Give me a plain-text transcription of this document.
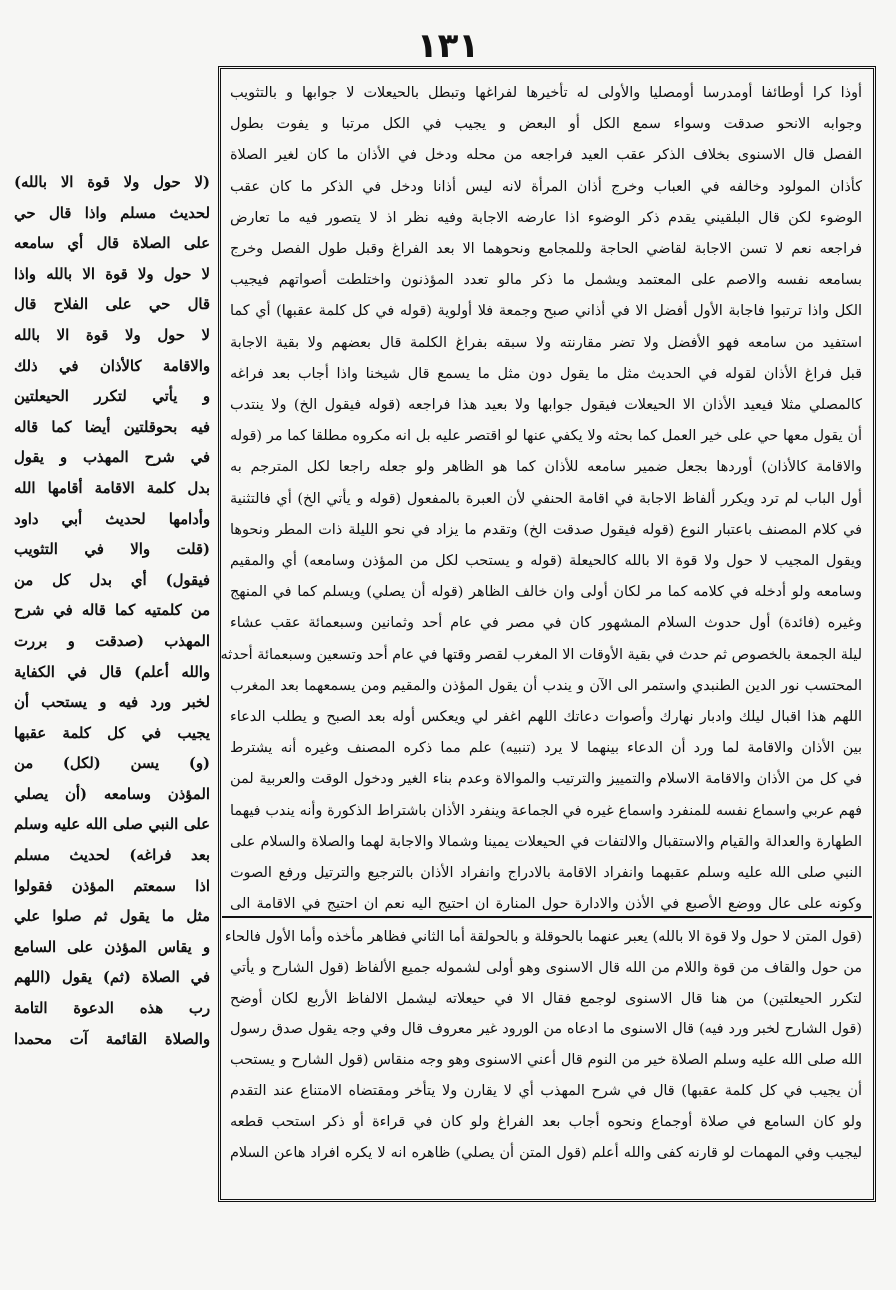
١٣١
أوذا كرا أوطائفا أومدرسا أومصليا والأولى له تأخيرها لفراغها وتبطل بالحيعلات لا جوابها و بالتثويب
وجوابه الانحو صدقت وسواء سمع الكل أو البعض و يجيب في الكل مرتبا و يفوت بطول
الفصل قال الاسنوى بخلاف الذكر عقب العيد فراجعه من محله ودخل في الأذان ما كان لغير الصلاة
كأذان المولود وخالفه في العباب وخرج أذان المرأة لانه ليس أذانا ودخل في الذكر ما كان عقب
الوضوء لكن قال البلقيني يقدم ذكر الوضوء اذا عارضه الاجابة وفيه نظر اذ لا يتصور فيه ما تعارض
فراجعه نعم لا تسن الاجابة لقاضي الحاجة وللمجامع ونحوهما الا بعد الفراغ وقبل طول الفصل وخرج
بسامعه نفسه والاصم على المعتمد ويشمل ما ذكر مالو تعدد المؤذنون واختلطت أصواتهم فيجيب
الكل واذا ترتبوا فاجابة الأول أفضل الا في أذاني صبح وجمعة فلا أولوية (قوله في كل كلمة عقبها) أي كما
استفيد من سامعه فهو الأفضل ولا تضر مقارنته ولا سبقه بفراغ الكلمة قال بعضهم ولا بقية الاجابة
قبل فراغ الأذان لقوله في الحديث مثل ما يقول دون مثل ما يسمع قال شيخنا واذا أجاب بعد فراغه
كالمصلي مثلا فيعيد الأذان الا الحيعلات فيقول جوابها ولا بعيد هذا فراجعه (قوله فيقول الخ) ولا ينتدب
أن يقول معها حي على خير العمل كما بحثه ولا يكفي عنها لو اقتصر عليه بل انه مكروه مطلقا كما مر (قوله
والاقامة كالأذان) أوردها بجعل ضمير سامعه للأذان كما هو الظاهر ولو جعله راجعا لكل المترجم به
أول الباب لم ترد ويكرر ألفاظ الاجابة في اقامة الحنفي لأن العبرة بالمفعول (قوله و يأتي الخ) أي فالتثنية
في كلام المصنف باعتبار النوع (قوله فيقول صدقت الخ) وتقدم ما يزاد في نحو الليلة ذات المطر ونحوها
ويقول المجيب لا حول ولا قوة الا بالله كالحيعلة (قوله و يستحب لكل من المؤذن وسامعه) أي والمقيم
وسامعه ولو أدخله في كلامه كما مر لكان أولى وان خالف الظاهر (قوله أن يصلي) ويسلم كما في المنهج
وغيره (فائدة) أول حدوث السلام المشهور كان في مصر في عام أحد وثمانين وسبعمائة عقب عشاء
ليلة الجمعة بالخصوص ثم حدث في بقية الأوقات الا المغرب لقصر وقتها في عام أحد وتسعين وسبعمائة أحدثه
المحتسب نور الدين الطنبدي واستمر الى الآن و يندب أن يقول المؤذن والمقيم ومن يسمعهما بعد المغرب
اللهم هذا اقبال ليلك وادبار نهارك وأصوات دعاتك اللهم اغفر لي ويعكس أوله بعد الصبح و يطلب الدعاء
بين الأذان والاقامة لما ورد أن الدعاء بينهما لا يرد (تنبيه) علم مما ذكره المصنف وغيره أنه يشترط
في كل من الأذان والاقامة الاسلام والتمييز والترتيب والموالاة وعدم بناء الغير ودخول الوقت والعربية لمن
فهم عربي واسماع نفسه للمنفرد واسماع غيره في الجماعة وينفرد الأذان باشتراط الذكورة وأنه يندب فيهما
الطهارة والعدالة والقيام والاستقبال والالتفات في الحيعلات يمينا وشمالا والاجابة لهما والصلاة والسلام على
النبي صلى الله عليه وسلم عقبهما وانفراد الاقامة بالادراج وانفراد الأذان بالترجيع والترتيل ورفع الصوت
وكونه على عال ووضع الأصبع في الأذن والادارة حول المنارة ان احتيج اليه نعم ان احتيج في الاقامة الى
(قول المتن لا حول ولا قوة الا بالله) يعبر عنهما بالحوقلة و بالحولقة أما الثاني فظاهر مأخذه وأما الأول فالحاء
من حول والقاف من قوة واللام من الله قال الاسنوى وهو أولى لشموله جميع الألفاظ (قول الشارح و يأتي
لتكرر الحيعلتين) من هنا قال الاسنوى لوجمع فقال الا في حيعلاته ليشمل الالفاظ الأربع لكان أوضح
(قول الشارح لخبر ورد فيه) قال الاسنوى ما ادعاه من الورود غير معروف قال وفي وجه يقول صدق رسول
الله صلى الله عليه وسلم الصلاة خير من النوم قال أعني الاسنوى وهو وجه منقاس (قول الشارح و يستحب
أن يجيب في كل كلمة عقبها) قال في شرح المهذب أي لا يقارن ولا يتأخر ومقتضاه الامتناع عند التقدم
ولو كان السامع في صلاة أوجماع ونحوه أجاب بعد الفراغ ولو كان في قراءة أو ذكر استحب قطعه
ليجيب وفي المهمات لو قارنه كفى والله أعلم (قول المتن أن يصلي) ظاهره انه لا يكره افراد هاعن السلام
(لا حول ولا قوة الا بالله)
لحديث مسلم واذا قال حي
على الصلاة قال أي سامعه
لا حول ولا قوة الا بالله واذا
قال حي على الفلاح قال
لا حول ولا قوة الا بالله
والاقامة كالأذان في ذلك
و يأتي لتكرر الحيعلتين
فيه بحوقلتين أيضا كما قاله
في شرح المهذب و يقول
بدل كلمة الاقامة أقامها الله
وأدامها لحديث أبي داود
(قلت والا في التثويب
فيقول) أي بدل كل من
من كلمتيه كما قاله في شرح
المهذب (صدقت و بررت
والله أعلم) قال في الكفاية
لخبر ورد فيه و يستحب أن
يجيب في كل كلمة عقبها
(و) يسن (لكل) من
المؤذن وسامعه (أن يصلي
على النبي صلى الله عليه وسلم
بعد فراغه) لحديث مسلم
اذا سمعتم المؤذن فقولوا
مثل ما يقول ثم صلوا علي
و يقاس المؤذن على السامع
في الصلاة (ثم) يقول (اللهم
رب هذه الدعوة التامة
والصلاة القائمة آت محمدا
